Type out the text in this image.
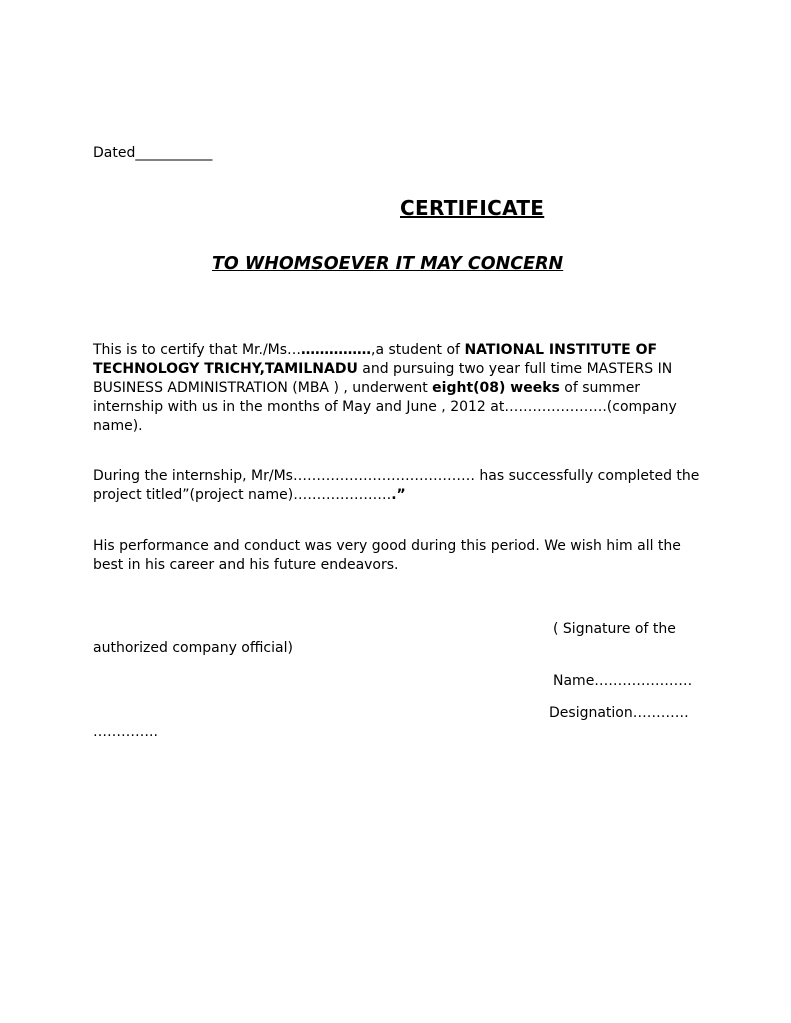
Dated___________
CERTIFICATE
TO WHOMSOEVER IT MAY CONCERN
This is to certify that Mr./Ms………………,a student of NATIONAL INSTITUTE OF TECHNOLOGY TRICHY,TAMILNADU and pursuing two year full time MASTERS IN BUSINESS ADMINISTRATION (MBA ) , underwent eight(08) weeks of summer internship with us in the months of May and June , 2012 at………………….(company name).
During the internship, Mr/Ms………………………………… has successfully completed the project titled”(project name)………………….”
His performance and conduct was very good during this period. We wish him all the best in his career and his future endeavors.
( Signature of the
authorized company official)
Name…………………
Designation…………
…………..
